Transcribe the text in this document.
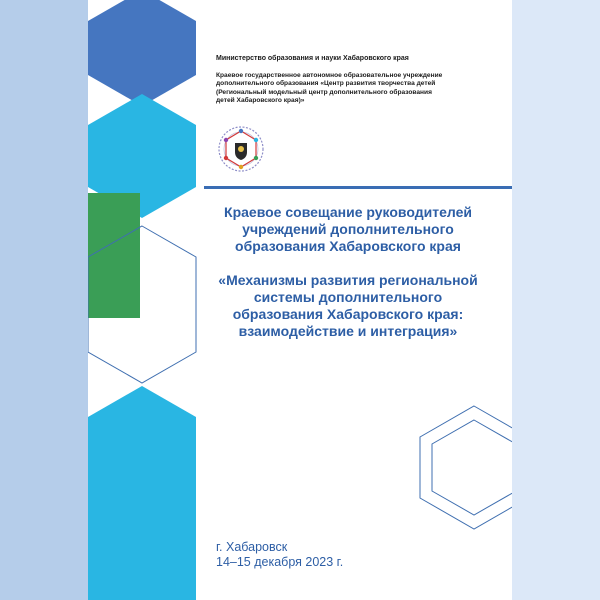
Министерство образования и науки Хабаровского края
Краевое государственное автономное образовательное учреждение
дополнительного образования «Центр развития творчества детей
(Региональный модельный центр дополнительного образования
детей Хабаровского края)»
Краевое совещание руководителей
учреждений дополнительного
образования Хабаровского края
«Механизмы развития региональной
системы дополнительного
образования Хабаровского края:
взаимодействие и интеграция»
г. Хабаровск
14–15 декабря 2023 г.
